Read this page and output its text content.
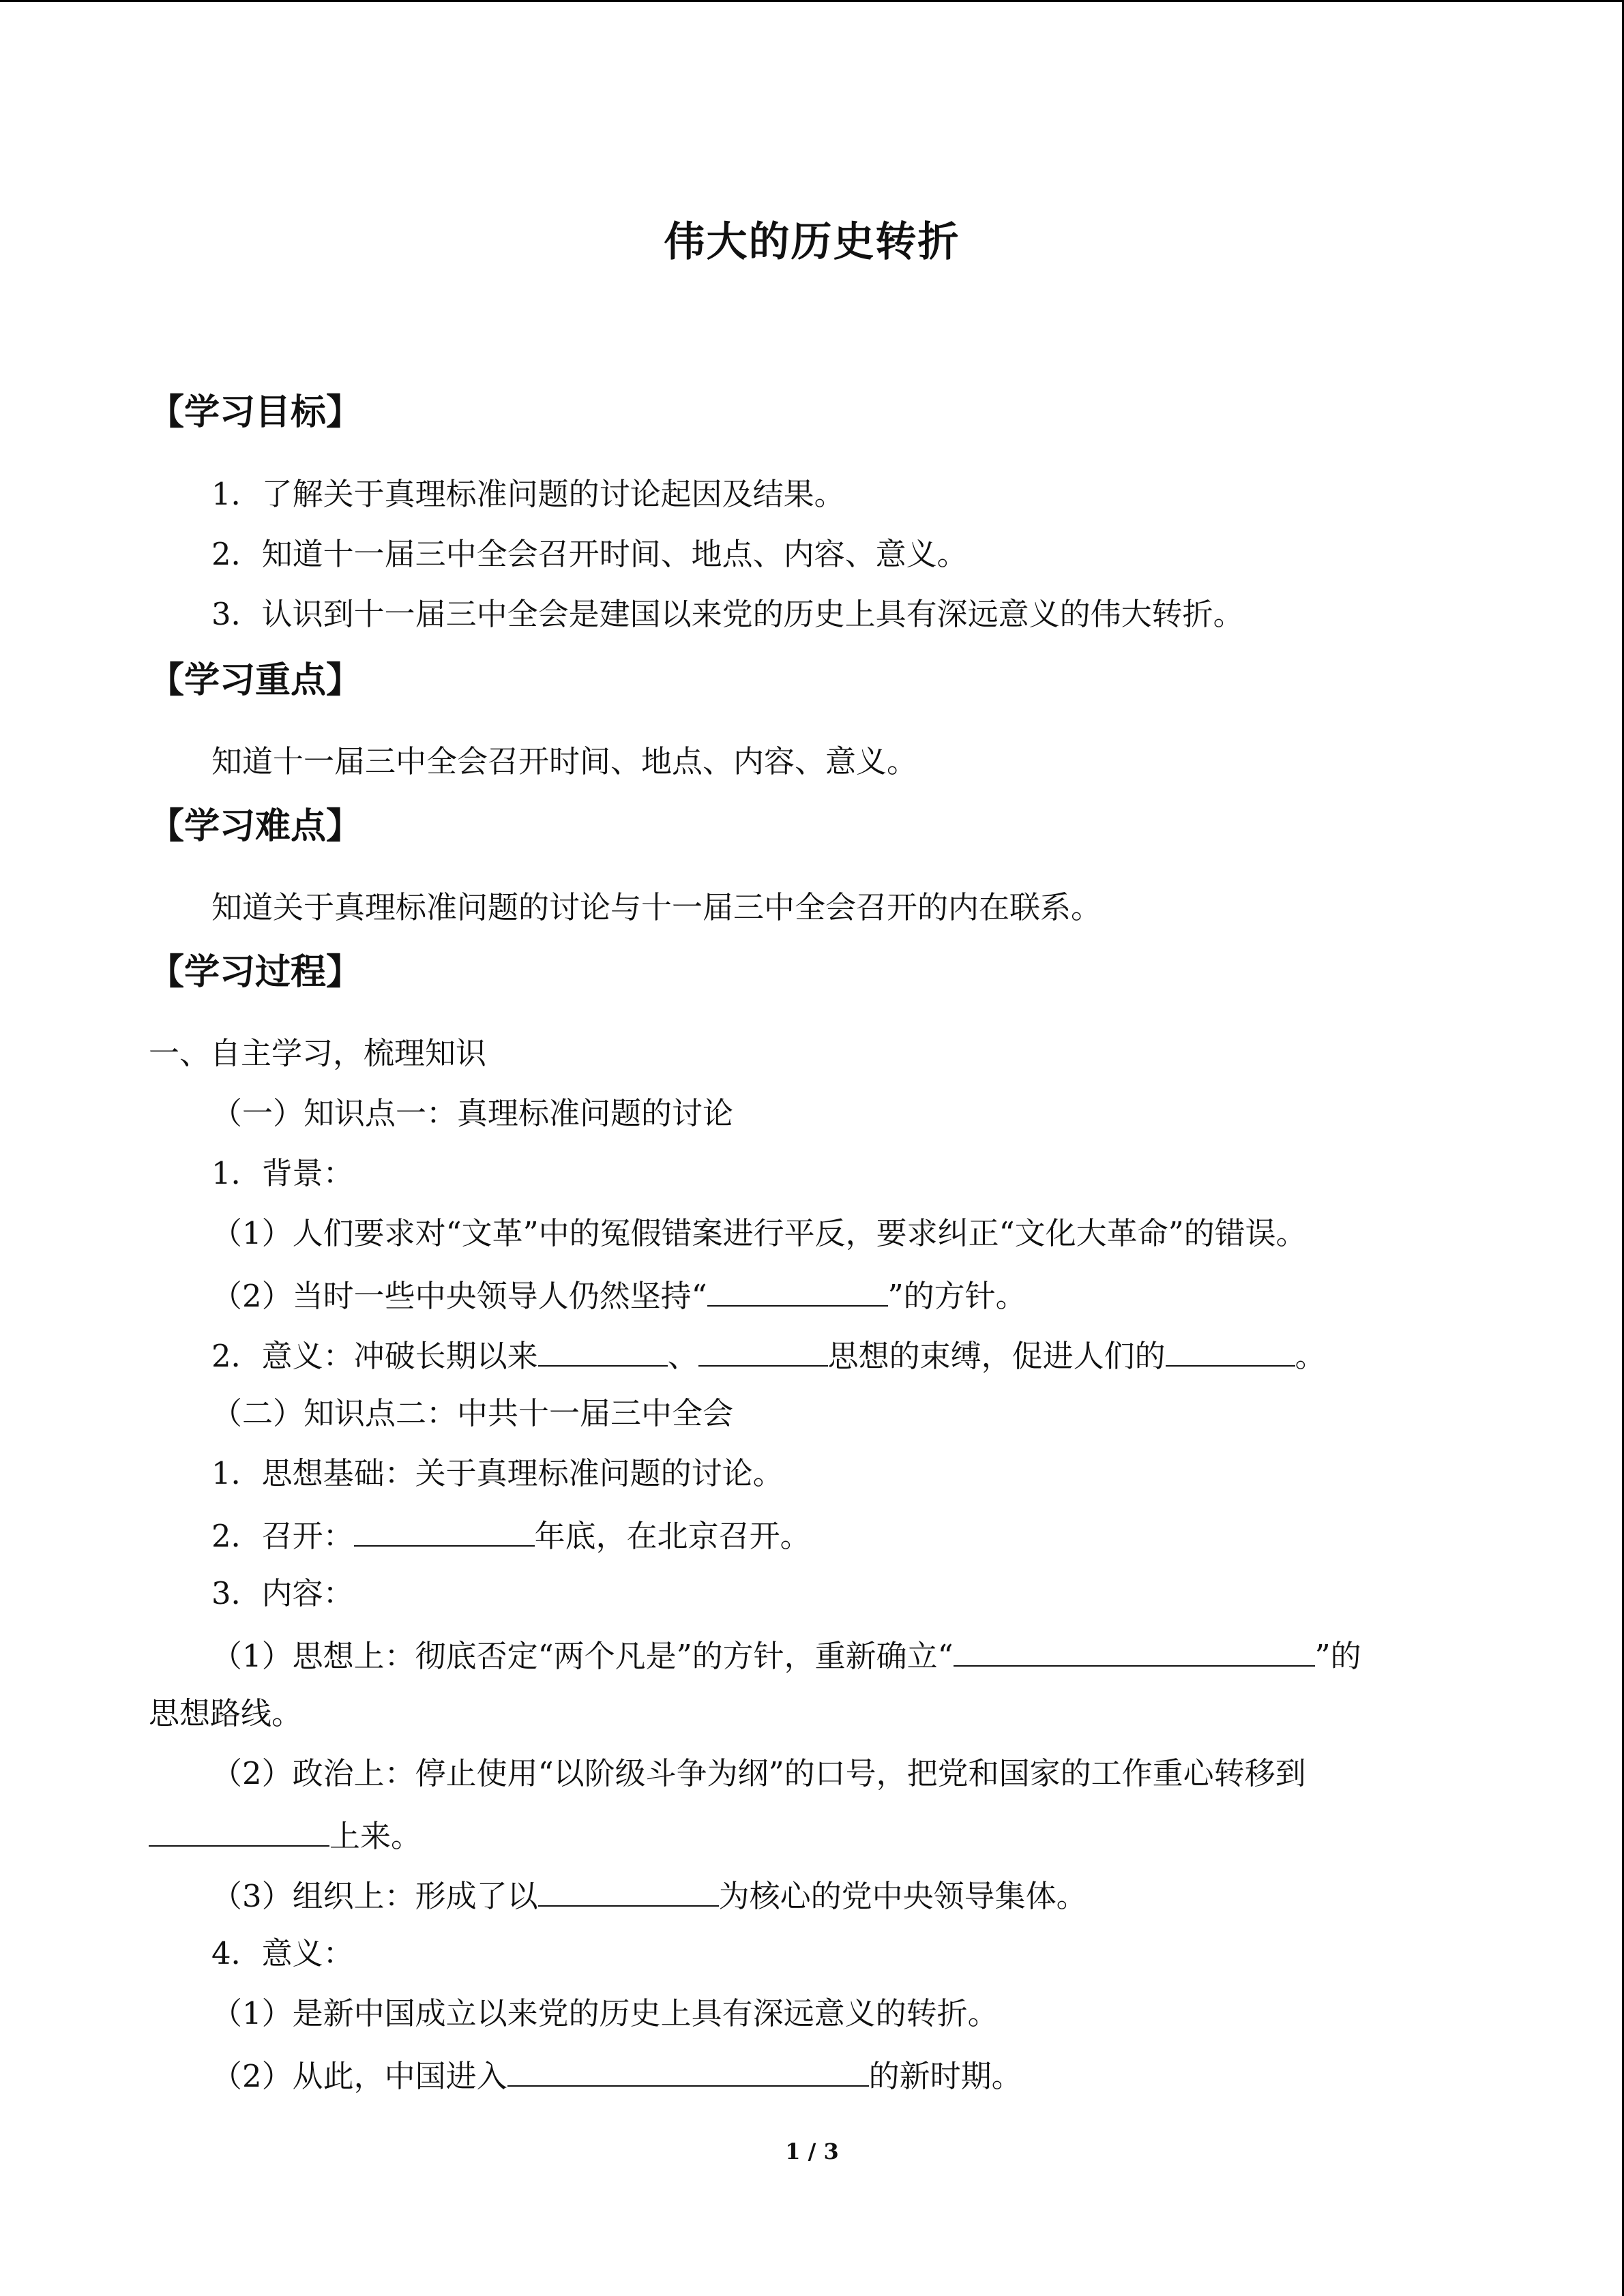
伟大的历史转折
【学习目标】
1．了解关于真理标准问题的讨论起因及结果。
2．知道十一届三中全会召开时间、地点、内容、意义。
3．认识到十一届三中全会是建国以来党的历史上具有深远意义的伟大转折。
【学习重点】
知道十一届三中全会召开时间、地点、内容、意义。
【学习难点】
知道关于真理标准问题的讨论与十一届三中全会召开的内在联系。
【学习过程】
一、自主学习，梳理知识
（一）知识点一：真理标准问题的讨论
1．背景：
（1）人们要求对“文革”中的冤假错案进行平反，要求纠正“文化大革命”的错误。
（2）当时一些中央领导人仍然坚持“	”的方针。
2．意义：冲破长期以来	、	思想的束缚，促进人们的	。
（二）知识点二：中共十一届三中全会
1．思想基础：关于真理标准问题的讨论。
2．召开：	年底，在北京召开。
3．内容：
（1）思想上：彻底否定“两个凡是”的方针，重新确立“	”的
思想路线。
（2）政治上：停止使用“以阶级斗争为纲”的口号，把党和国家的工作重心转移到
上来。
（3）组织上：形成了以	为核心的党中央领导集体。
4．意义：
（1）是新中国成立以来党的历史上具有深远意义的转折。
（2）从此，中国进入	的新时期。
1 / 3
